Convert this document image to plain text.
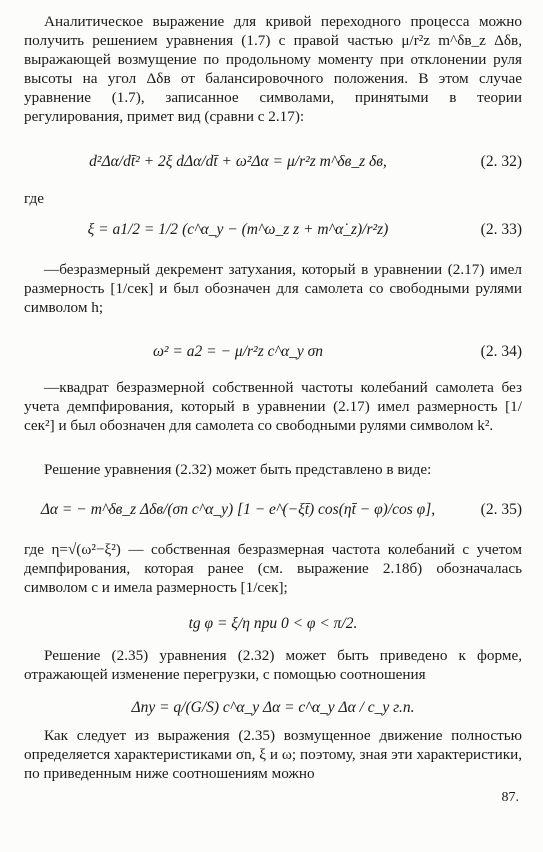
Аналитическое выражение для кривой переходного процесса можно получить решением уравнения (1.7) с правой частью μ/r²z m^δв_z Δδв, выражающей возмущение по продольному моменту при отклонении руля высоты на угол Δδв от балансировочного положения. В этом случае уравнение (1.7), записанное символами, принятыми в теории регулирования, примет вид (сравни с 2.17):

d²Δα/dt̄² + 2ξ dΔα/dt̄ + ω²Δα = μ/r²z m^δв_z δв,	(2. 32)
где
ξ = a1/2 = 1/2 (c^α_y − (m^ω_z z + m^α̇_z)/r²z)	(2. 33)

—безразмерный декремент затухания, который в уравнении (2.17) имел размерность [1/сек] и был обозначен для самолета со свободными рулями символом h;

ω² = a2 = − μ/r²z c^α_y σn	(2. 34)

—квадрат безразмерной собственной частоты колебаний самолета без учета демпфирования, который в уравнении (2.17) имел размерность [1/сек²] и был обозначен для самолета со свободными рулями символом k².

Решение уравнения (2.32) может быть представлено в виде:

Δα = − m^δв_z Δδв/(σn c^α_y) [1 − e^(−ξt̄) cos(ηt̄ − φ)/cos φ],	(2. 35)

где η=√(ω²−ξ²) — собственная безразмерная частота колебаний с учетом демпфирования, которая ранее (см. выражение 2.18б) обозначалась символом c и имела размерность [1/сек];

tg φ = ξ/η при 0 < φ < π/2.

Решение (2.35) уравнения (2.32) может быть приведено к форме, отражающей изменение перегрузки, с помощью соотношения

Δny = q/(G/S) c^α_y Δα = c^α_y Δα / c_y г.п.

Как следует из выражения (2.35) возмущенное движение полностью определяется характеристиками σn, ξ и ω; поэтому, зная эти характеристики, по приведенным ниже соотношениям можно

87.
